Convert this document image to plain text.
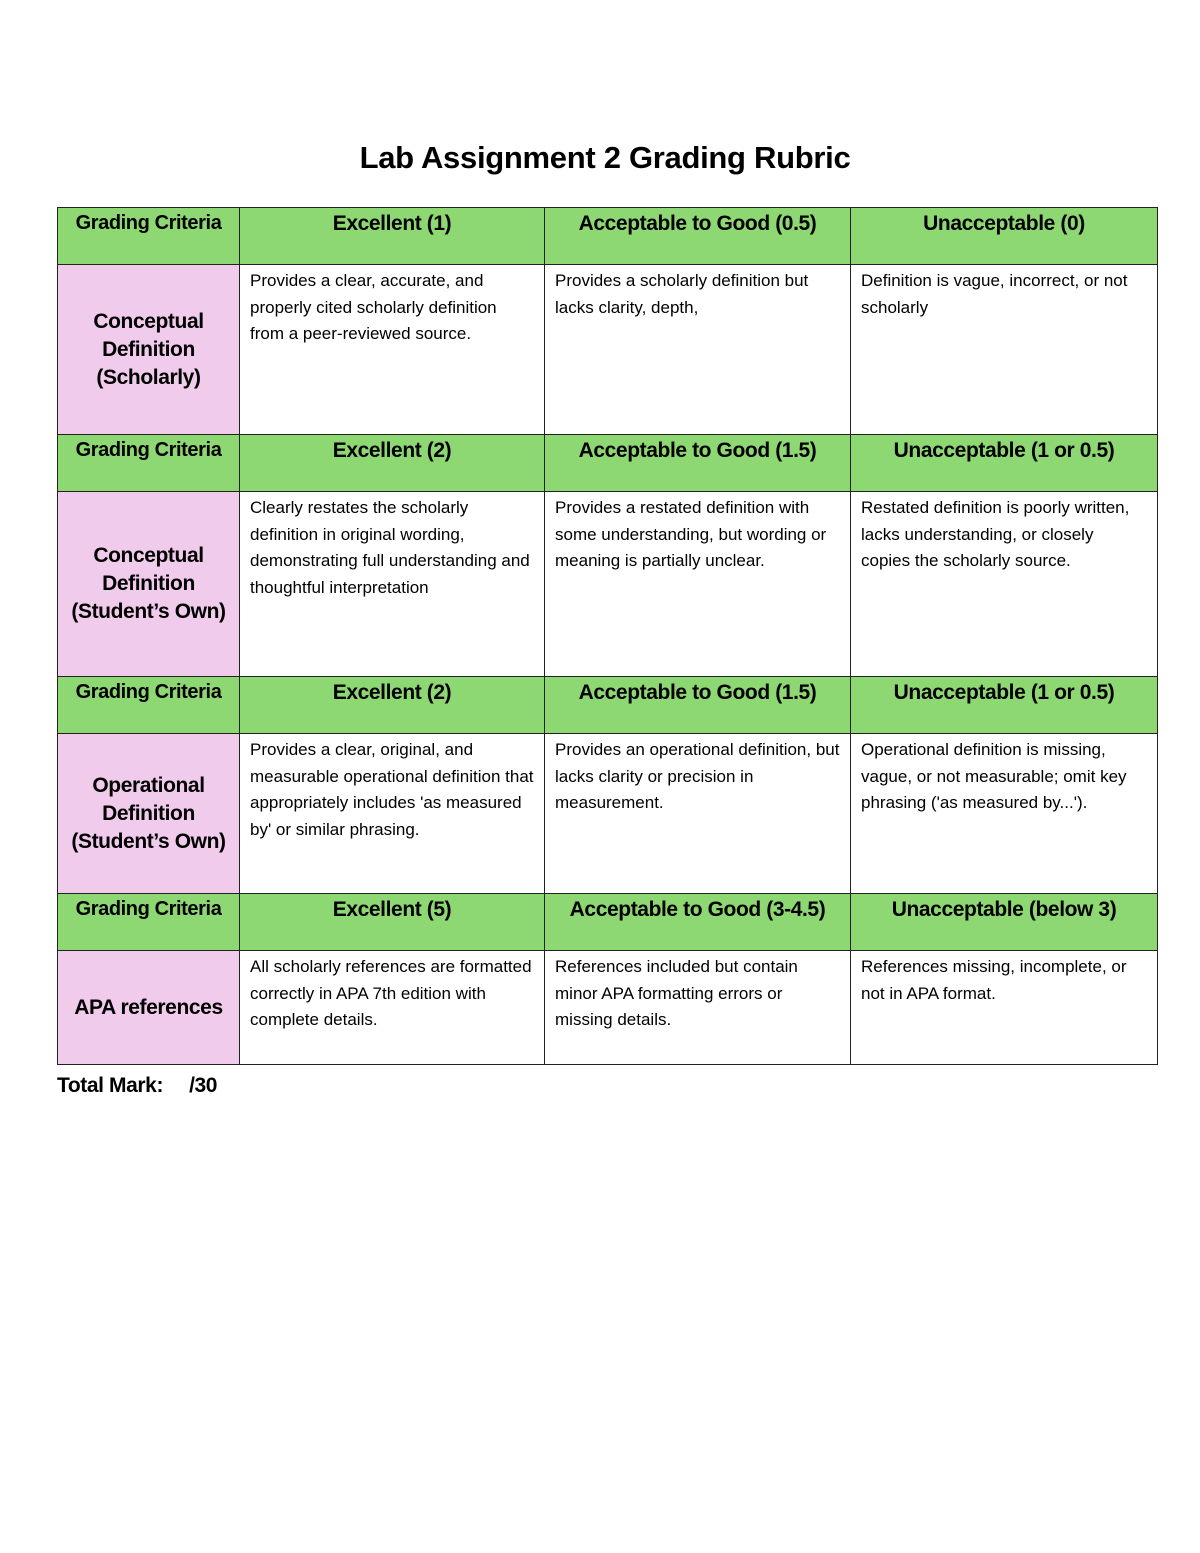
Lab Assignment 2 Grading Rubric
Grading Criteria	Excellent (1)	Acceptable to Good (0.5)	Unacceptable (0)

Conceptual
Definition
(Scholarly)	Provides a clear, accurate, and properly cited scholarly definition from a peer-reviewed source.	Provides a scholarly definition but lacks clarity, depth,	Definition is vague, incorrect, or not scholarly
Grading Criteria	Excellent (2)	Acceptable to Good (1.5)	Unacceptable (1 or 0.5)

Conceptual
Definition
(Student’s Own)	Clearly restates the scholarly definition in original wording, demonstrating full understanding and thoughtful interpretation	Provides a restated definition with some understanding, but wording or meaning is partially unclear.	Restated definition is poorly written, lacks understanding, or closely copies the scholarly source.
Grading Criteria	Excellent (2)	Acceptable to Good (1.5)	Unacceptable (1 or 0.5)

Operational
Definition
(Student’s Own)	Provides a clear, original, and measurable operational definition that appropriately includes 'as measured by' or similar phrasing.	Provides an operational definition, but lacks clarity or precision in measurement.	Operational definition is missing, vague, or not measurable; omit key phrasing ('as measured by...').
Grading Criteria	Excellent (5)	Acceptable to Good (3-4.5)	Unacceptable (below 3)

APA references	All scholarly references are formatted correctly in APA 7th edition with complete details.	References included but contain minor APA formatting errors or missing details.	References missing, incomplete, or not in APA format.
Total Mark: /30
